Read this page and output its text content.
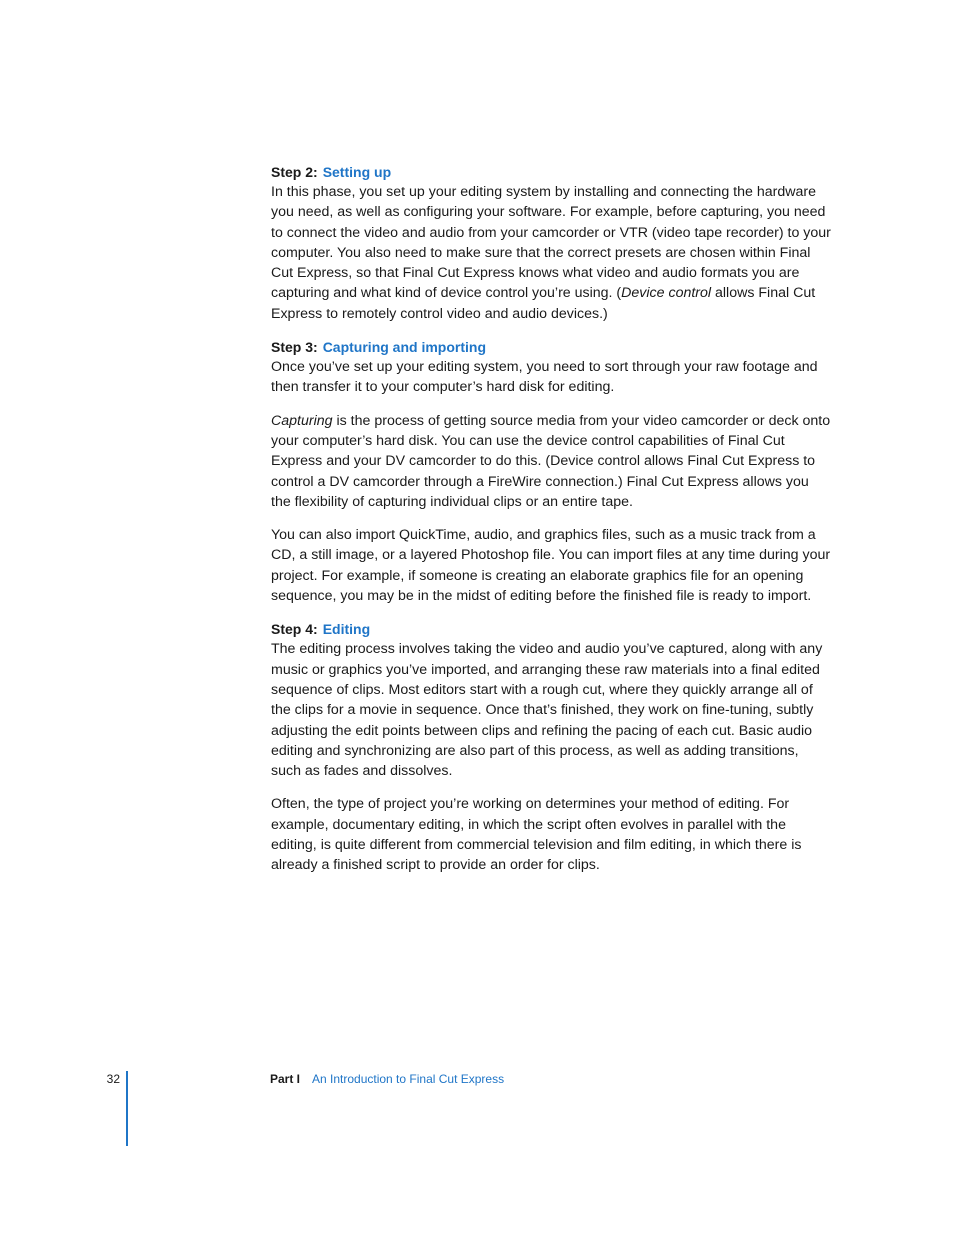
Step 2: Setting up

In this phase, you set up your editing system by installing and connecting the hardware you need, as well as configuring your software. For example, before capturing, you need to connect the video and audio from your camcorder or VTR (video tape recorder) to your computer. You also need to make sure that the correct presets are chosen within Final Cut Express, so that Final Cut Express knows what video and audio formats you are capturing and what kind of device control you’re using. (Device control allows Final Cut Express to remotely control video and audio devices.)

Step 3: Capturing and importing

Once you’ve set up your editing system, you need to sort through your raw footage and then transfer it to your computer’s hard disk for editing.

Capturing is the process of getting source media from your video camcorder or deck onto your computer’s hard disk. You can use the device control capabilities of Final Cut Express and your DV camcorder to do this. (Device control allows Final Cut Express to control a DV camcorder through a FireWire connection.) Final Cut Express allows you the flexibility of capturing individual clips or an entire tape.

You can also import QuickTime, audio, and graphics files, such as a music track from a CD, a still image, or a layered Photoshop file. You can import files at any time during your project. For example, if someone is creating an elaborate graphics file for an opening sequence, you may be in the midst of editing before the finished file is ready to import.

Step 4: Editing

The editing process involves taking the video and audio you’ve captured, along with any music or graphics you’ve imported, and arranging these raw materials into a final edited sequence of clips. Most editors start with a rough cut, where they quickly arrange all of the clips for a movie in sequence. Once that’s finished, they work on fine-tuning, subtly adjusting the edit points between clips and refining the pacing of each cut. Basic audio editing and synchronizing are also part of this process, as well as adding transitions, such as fades and dissolves.

Often, the type of project you’re working on determines your method of editing. For example, documentary editing, in which the script often evolves in parallel with the editing, is quite different from commercial television and film editing, in which there is already a finished script to provide an order for clips.

32	Part I An Introduction to Final Cut Express
